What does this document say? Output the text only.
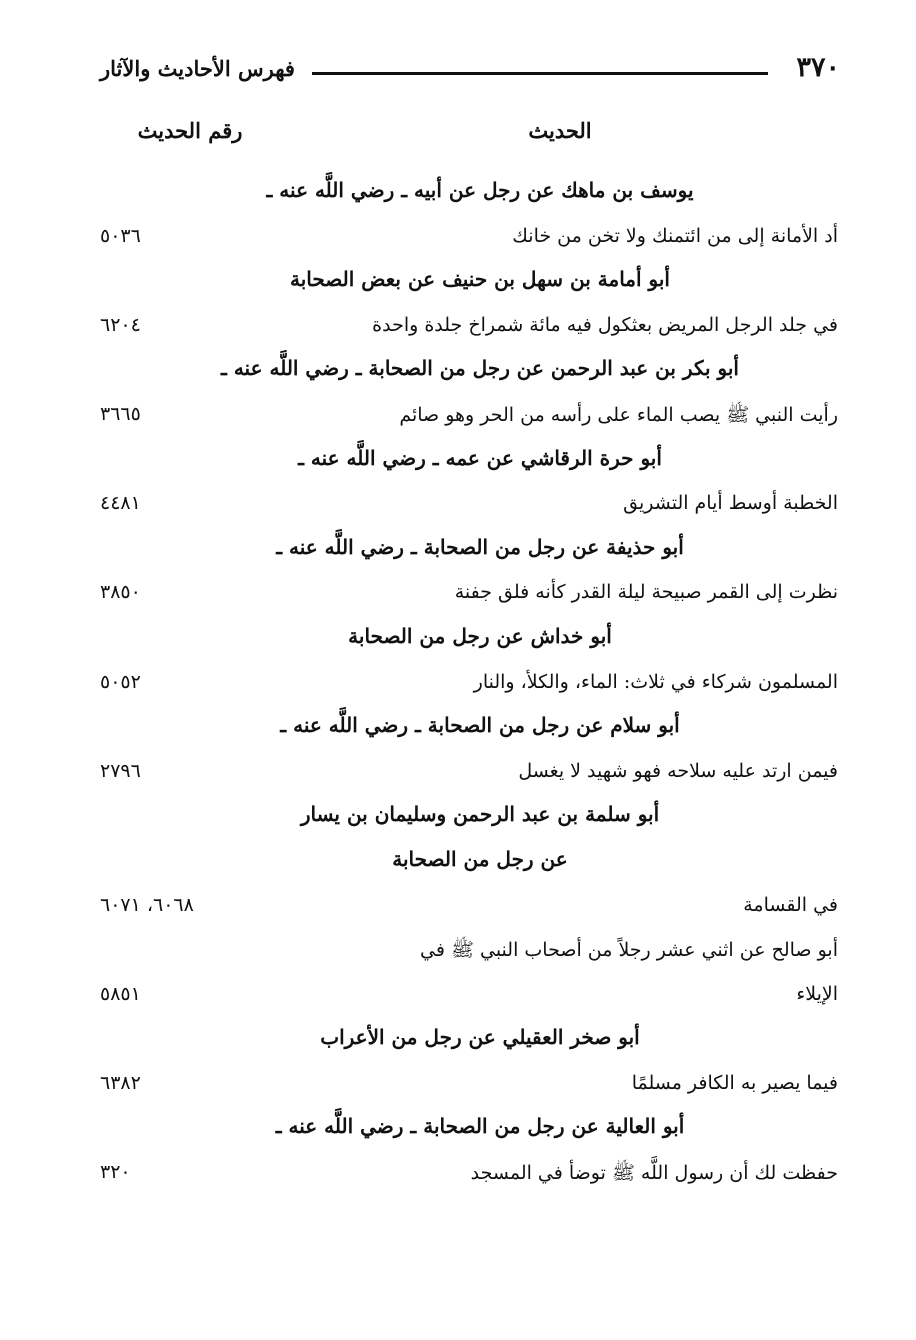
٣٧٠
فهرس الأحاديث والآثار
الحديث
رقم الحديث
يوسف بن ماهك عن رجل عن أبيه ـ رضي اللَّه عنه ـ
أد الأمانة إلى من ائتمنك ولا تخن من خانك
٥٠٣٦
أبو أمامة بن سهل بن حنيف عن بعض الصحابة
في جلد الرجل المريض بعثكول فيه مائة شمراخ جلدة واحدة
٦٢٠٤
أبو بكر بن عبد الرحمن عن رجل من الصحابة ـ رضي اللَّه عنه ـ
رأيت النبي ﷺ يصب الماء على رأسه من الحر وهو صائم
٣٦٦٥
أبو حرة الرقاشي عن عمه ـ رضي اللَّه عنه ـ
الخطبة أوسط أيام التشريق
٤٤٨١
أبو حذيفة عن رجل من الصحابة ـ رضي اللَّه عنه ـ
نظرت إلى القمر صبيحة ليلة القدر كأنه فلق جفنة
٣٨٥٠
أبو خداش عن رجل من الصحابة
المسلمون شركاء في ثلاث: الماء، والكلأ، والنار
٥٠٥٢
أبو سلام عن رجل من الصحابة ـ رضي اللَّه عنه ـ
فيمن ارتد عليه سلاحه فهو شهيد لا يغسل
٢٧٩٦
أبو سلمة بن عبد الرحمن وسليمان بن يسار
عن رجل من الصحابة
في القسامة
٦٠٦٨، ٦٠٧١
أبو صالح عن اثني عشر رجلاً من أصحاب النبي ﷺ في
الإيلاء
٥٨٥١
أبو صخر العقيلي عن رجل من الأعراب
فيما يصير به الكافر مسلمًا
٦٣٨٢
أبو العالية عن رجل من الصحابة ـ رضي اللَّه عنه ـ
حفظت لك أن رسول اللَّه ﷺ توضأ في المسجد
٣٢٠
